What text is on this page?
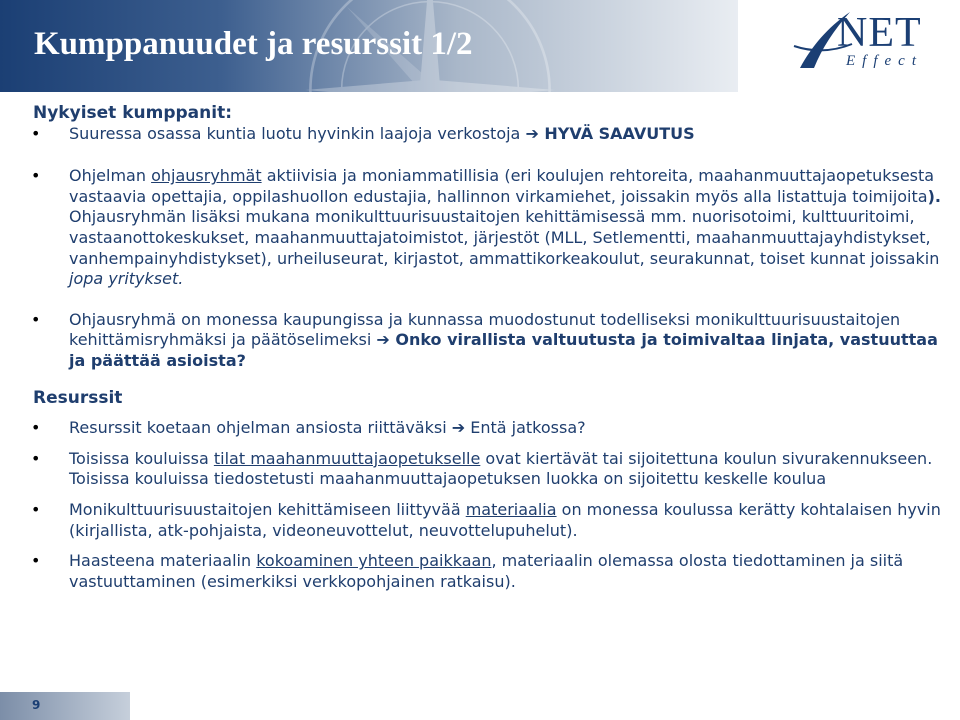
Kumppanuudet ja resurssit 1/2	NET
Effect
Nykyiset kumppanit:
• Suuressa osassa kuntia luotu hyvinkin laajoja verkostoja ➔ HYVÄ SAAVUTUS
• Ohjelman ohjausryhmät aktiivisia ja moniammatillisia (eri koulujen rehtoreita, maahanmuuttajaopetuksesta vastaavia opettajia, oppilashuollon edustajia, hallinnon virkamiehet, joissakin myös alla listattuja toimijoita).
Ohjausryhmän lisäksi mukana monikulttuurisuustaitojen kehittämisessä mm. nuorisotoimi, kulttuuritoimi, vastaanottokeskukset, maahanmuuttajatoimistot, järjestöt (MLL, Setlementti, maahanmuuttajayhdistykset, vanhempainyhdistykset), urheiluseurat, kirjastot, ammattikorkeakoulut, seurakunnat, toiset kunnat joissakin jopa yritykset.
• Ohjausryhmä on monessa kaupungissa ja kunnassa muodostunut todelliseksi monikulttuurisuustaitojen kehittämisryhmäksi ja päätöselimeksi ➔ Onko virallista valtuutusta ja toimivaltaa linjata, vastuuttaa ja päättää asioista?
Resurssit
• Resurssit koetaan ohjelman ansiosta riittäväksi ➔ Entä jatkossa?
• Toisissa kouluissa tilat maahanmuuttajaopetukselle ovat kiertävät tai sijoitettuna koulun sivurakennukseen. Toisissa kouluissa tiedostetusti maahanmuuttajaopetuksen luokka on sijoitettu keskelle koulua
• Monikulttuurisuustaitojen kehittämiseen liittyvää materiaalia on monessa koulussa kerätty kohtalaisen hyvin (kirjallista, atk-pohjaista, videoneuvottelut, neuvottelupuhelut).
• Haasteena materiaalin kokoaminen yhteen paikkaan, materiaalin olemassa olosta tiedottaminen ja siitä vastuuttaminen (esimerkiksi verkkopohjainen ratkaisu).
9
